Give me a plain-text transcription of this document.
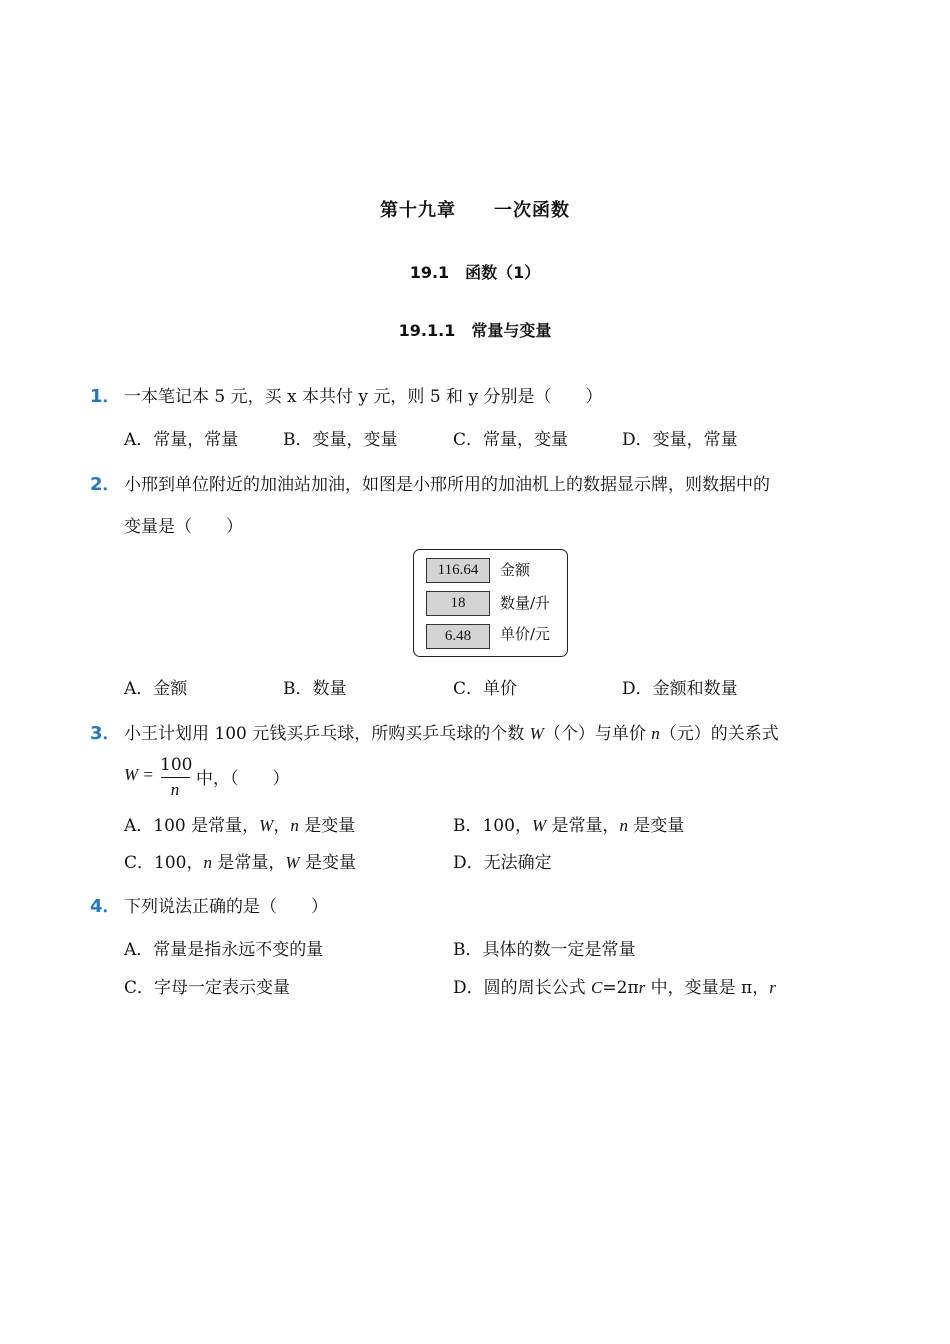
第十九章　　一次函数
19.1　函数（1）
19.1.1　常量与变量
1． 一本笔记本 5 元，买 x 本共付 y 元，则 5 和 y 分别是（　　）
A．常量，常量	B．变量，变量	C．常量，变量	D．变量，常量
2． 小邢到单位附近的加油站加油，如图是小邢所用的加油机上的数据显示牌，则数据中的
变量是（　　）
116.64	金额
18	数量/升
6.48	单价/元
A．金额	B．数量	C．单价	D．金额和数量
3． 小王计划用 100 元钱买乒乓球，所购买乒乓球的个数 W（个）与单价 n（元）的关系式
W = 100
n
中，（　　）
A．100 是常量，W，n 是变量	B．100，W 是常量，n 是变量
C．100，n 是常量，W 是变量	D．无法确定
4． 下列说法正确的是（　　）
A．常量是指永远不变的量	B．具体的数一定是常量
C．字母一定表示变量	D．圆的周长公式 C=2πr 中，变量是 π，r
